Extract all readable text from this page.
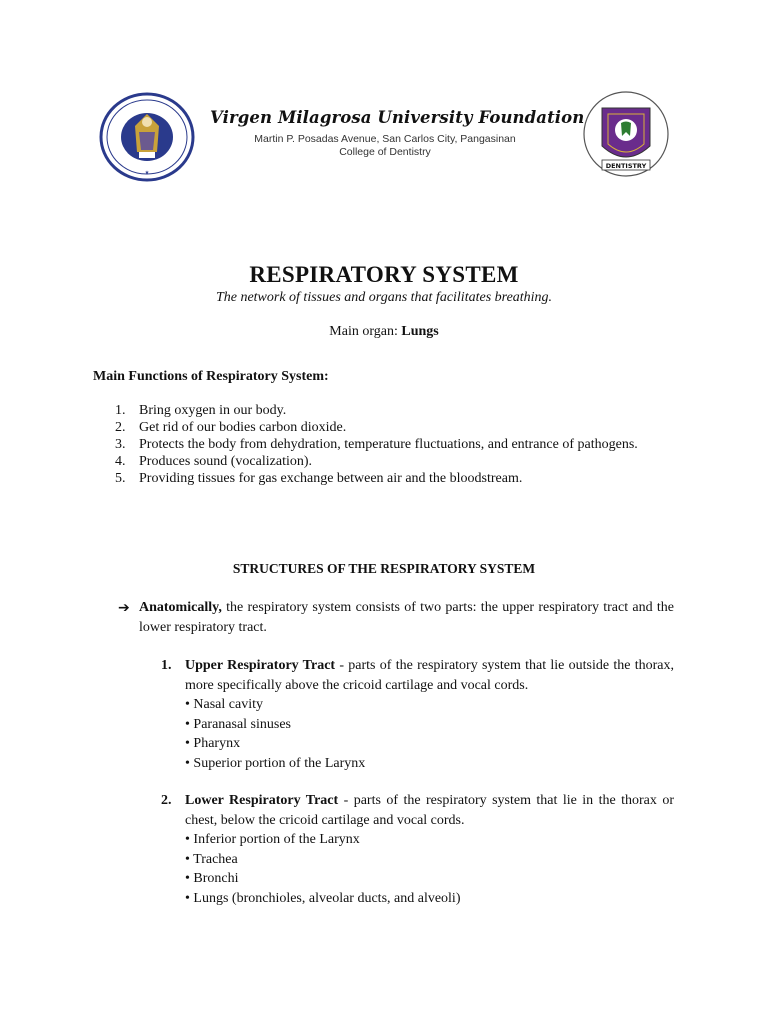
★
Virgen Milagrosa University Foundation
Martin P. Posadas Avenue, San Carlos City, Pangasinan
College of Dentistry
DENTISTRY
RESPIRATORY SYSTEM
The network of tissues and organs that facilitates breathing.
Main organ: Lungs
Main Functions of Respiratory System:
1. Bring oxygen in our body.
2. Get rid of our bodies carbon dioxide.
3. Protects the body from dehydration, temperature fluctuations, and entrance of pathogens.
4. Produces sound (vocalization).
5. Providing tissues for gas exchange between air and the bloodstream.
STRUCTURES OF THE RESPIRATORY SYSTEM
➔ Anatomically, the respiratory system consists of two parts: the upper respiratory tract and the lower respiratory tract.
1. Upper Respiratory Tract - parts of the respiratory system that lie outside the thorax, more specifically above the cricoid cartilage and vocal cords.
• Nasal cavity
• Paranasal sinuses
• Pharynx
• Superior portion of the Larynx
2. Lower Respiratory Tract - parts of the respiratory system that lie in the thorax or chest, below the cricoid cartilage and vocal cords.
• Inferior portion of the Larynx
• Trachea
• Bronchi
• Lungs (bronchioles, alveolar ducts, and alveoli)
